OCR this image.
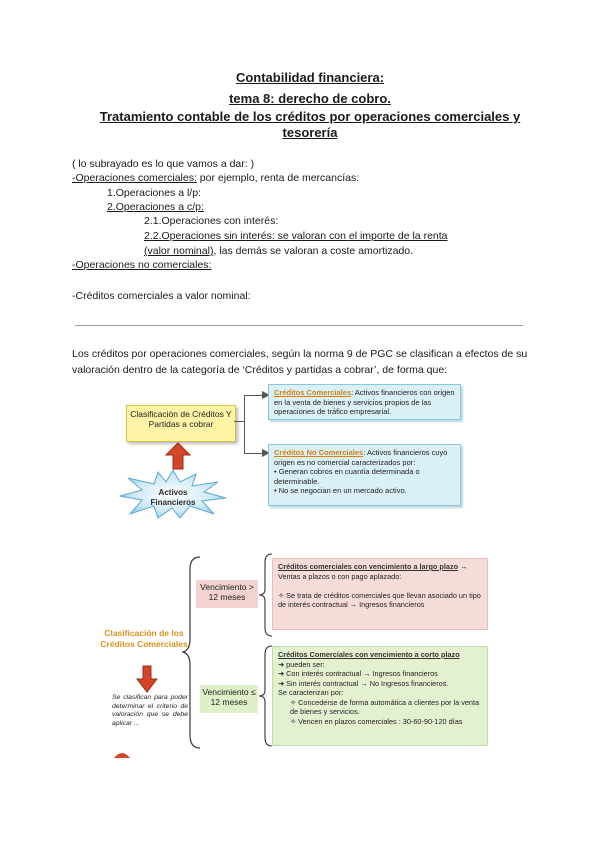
Contabilidad financiera:
tema 8: derecho de cobro.
Tratamiento contable de los créditos por operaciones comerciales y
tesorería
( lo subrayado es lo que vamos a dar: )
-Operaciones comerciales: por ejemplo, renta de mercancías:
1.Operaciones a l/p:
2.Operaciones a c/p:
2.1.Operaciones con interés:
2.2.Operaciones sin interés: se valoran con el importe de la renta
(valor nominal), las demás se valoran a coste amortizado.
-Operaciones no comerciales:
-Créditos comerciales a valor nominal:
Los créditos por operaciones comerciales, según la norma 9 de PGC se clasifican a efectos de su valoración dentro de la categoría de ‘Créditos y partidas a cobrar’, de forma que:
Clasificación de Créditos Y Partidas a cobrar
Activos Financieros
Créditos Comerciales: Activos financieros con origen en la venta de bienes y servicios propios de las operaciones de tráfico empresarial.
Créditos No Comerciales: Activos financieros cuyo origen es no comercial caracterizados por:
• Generan cobros en cuantía determinada o determinable.
• No se negocian en un mercado activo.
Clasificación de los Créditos Comerciales
Se clasifican para poder determinar el criterio de valoración que se debe aplicar ...
Vencimiento > 12 meses
Vencimiento ≤ 12 meses
Créditos comerciales con vencimiento a largo plazo →
Ventas a plazos o con pago aplazado:

✧ Se trata de créditos comerciales que llevan asociado un tipo de interés contractual → Ingresos financieros
Créditos Comerciales con vencimiento a corto plazo
➜ pueden ser:
➜ Con interés contractual → Ingresos financieros
➜ Sin interés contractual → No Ingresos financieros.
Se caracterizan por:
✧ Concederse de forma automática a clientes por la venta de bienes y servicios.
✧ Vencen en plazos comerciales : 30-60-90-120 días
